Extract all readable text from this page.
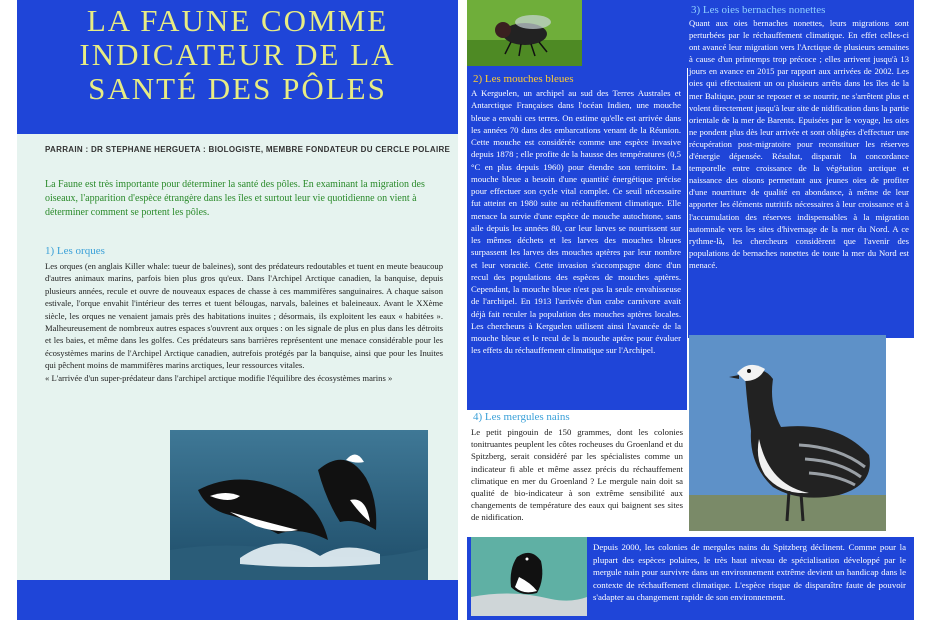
LA FAUNE COMME
INDICATEUR DE LA
SANTÉ DES PÔLES
PARRAIN : DR STEPHANE HERGUETA : BIOLOGISTE, MEMBRE FONDATEUR DU CERCLE POLAIRE
La Faune est très importante pour déterminer la santé des pôles. En examinant la migration des oiseaux, l'apparition d'espèce étrangère dans les îles et surtout leur vie quotidienne on vient à déterminer comment se portent les pôles.
1) Les orques

Les orques (en anglais Killer whale: tueur de baleines), sont des prédateurs redoutables et tuent en meute beaucoup d'autres animaux marins, parfois bien plus gros qu'eux. Dans l'Archipel Arctique canadien, la banquise, depuis plusieurs années, recule et ouvre de nouveaux espaces de chasse à ces mammifères sanguinaires. A chaque saison estivale, l'orque envahit l'intérieur des terres et tuent bélougas, narvals, baleines et baleineaux. Avant le XXème siècle, les orques ne venaient jamais près des habitations inuites ; désormais, ils exploitent les eaux « habitées ». Malheureusement de nombreux autres espaces s'ouvrent aux orques : on les signale de plus en plus dans les détroits et les baies, et même dans les golfes. Ces prédateurs sans barrières représentent une menace considérable pour les écosystèmes marins de l'Archipel Arctique canadien, autrefois protégés par la banquise, ainsi que pour les Inuites qui pêchent moins de mammifères marins arctiques, leur ressources vitales.

« L'arrivée d'un super-prédateur dans l'archipel arctique modifie l'équilibre des écosystèmes marins »

2) Les mouches bleues

A Kerguelen, un archipel au sud des Terres Australes et Antarctique Françaises dans l'océan Indien, une mouche bleue a envahi ces terres. On estime qu'elle est arrivée dans les années 70 dans des embarcations venant de la Réunion. Cette mouche est considérée comme une espèce invasive depuis 1878 ; elle profite de la hausse des températures (0,5 °C en plus depuis 1960) pour étendre son territoire. La mouche bleue a besoin d'une quantité énergétique précise pour effectuer son cycle vital complet. Ce seuil nécessaire fut atteint en 1980 suite au réchauffement climatique. Elle menace la survie d'une espèce de mouche autochtone, sans aile depuis les années 80, car leur larves se nourrissent sur les mêmes déchets et les larves des mouches bleues surpassent les larves des mouches aptères par leur nombre et leur voracité. Cette invasion s'accompagne donc d'un recul des populations des espèces de mouches aptères. Cependant, la mouche bleue n'est pas la seule envahisseuse de l'archipel. En 1913 l'arrivée d'un crabe carnivore avait déjà fait reculer la population des mouches aptères locales. Les chercheurs à Kerguelen utilisent ainsi l'avancée de la mouche bleue et le recul de la mouche aptère pour évaluer les effets du réchauffement climatique sur l'Archipel.

3) Les oies bernaches nonettes

Quant aux oies bernaches nonettes, leurs migrations sont perturbées par le réchauffement climatique. En effet celles-ci ont avancé leur migration vers l'Arctique de plusieurs semaines à cause d'un printemps trop précoce ; elles arrivent jusqu'à 13 jours en avance en 2015 par rapport aux arrivées de 2002. Les oies qui effectuaient un ou plusieurs arrêts dans les îles de la mer Baltique, pour se reposer et se nourrir, ne s'arrêtent plus et volent directement jusqu'à leur site de nidification dans la partie orientale de la mer de Barents. Epuisées par le voyage, les oies ne pondent plus dès leur arrivée et sont obligées d'effectuer une récupération post-migratoire pour reconstituer les réserves d'énergie dépensée. Résultat, disparait la concordance temporelle entre croissance de la végétation arctique et naissance des oisons permettant aux jeunes oies de profiter d'une nourriture de qualité en abondance, à même de leur apporter les éléments nutritifs nécessaires à leur croissance et à l'accumulation des réserves indispensables à la migration automnale vers les sites d'hivernage de la mer du Nord. A ce rythme-là, les chercheurs considèrent que l'avenir des populations de bernaches nonettes de toute la mer du Nord est menacé.

4) Les mergules nains

Le petit pingouin de 150 grammes, dont les colonies tonitruantes peuplent les côtes rocheuses du Groenland et du Spitzberg, serait considéré par les spécialistes comme un indicateur fi able et même assez précis du réchauffement climatique en mer du Groenland ? Le mergule nain doit sa qualité de bio-indicateur à son extrême sensibilité aux changements de température des eaux qui baignent ses sites de nidification.

Depuis 2000, les colonies de mergules nains du Spitzberg déclinent. Comme pour la plupart des espèces polaires, le très haut niveau de spécialisation développé par le mergule nain pour survivre dans un environnement extrême devient un handicap dans le contexte de réchauffement climatique. L'espèce risque de disparaître faute de pouvoir s'adapter au changement rapide de son environnement.
